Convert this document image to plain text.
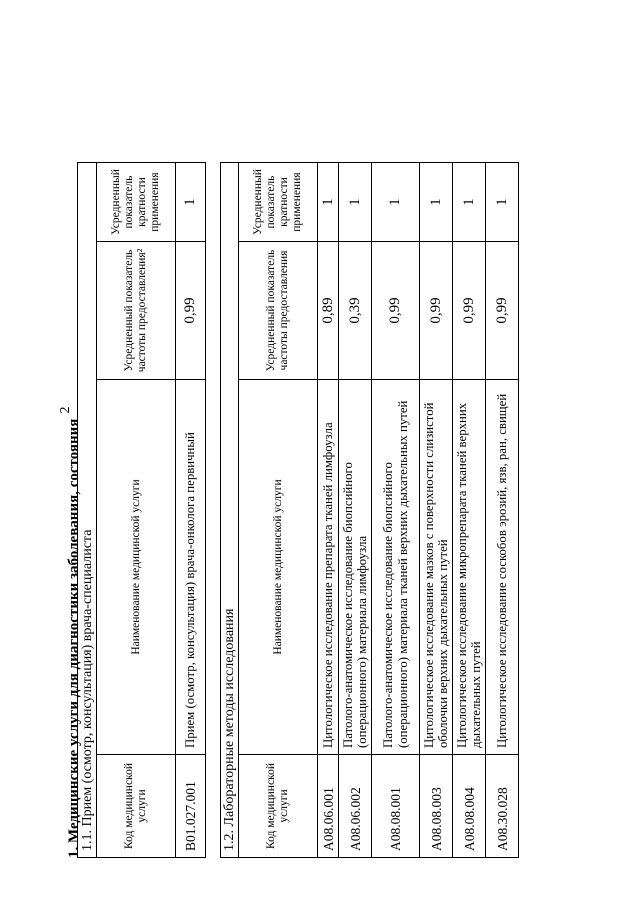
2
1. Медицинские услуги для диагностики заболевания, состояния
1.1. Прием (осмотр, консультация) врача-специалиста			
Код медицинской услуги	Наименование медицинской услуги	Усредненный показатель частоты предоставления²	Усредненный показатель кратности применения
B01.027.001	Прием (осмотр, консультация) врача-онколога первичный	0,99	1
1.2. Лабораторные методы исследования			
Код медицинской услуги	Наименование медицинской услуги	Усредненный показатель частоты предоставления	Усредненный показатель кратности применения
A08.06.001	Цитологическое исследование препарата тканей лимфоузла	0,89	1
A08.06.002	Патолого-анатомическое исследование биопсийного (операционного) материала лимфоузла	0,39	1
A08.08.001	Патолого-анатомическое исследование биопсийного (операционного) материала тканей верхних дыхательных путей	0,99	1
A08.08.003	Цитологическое исследование мазков с поверхности слизистой оболочки верхних дыхательных путей	0,99	1
A08.08.004	Цитологическое исследование микропрепарата тканей верхних дыхательных путей	0,99	1
A08.30.028	Цитологическое исследование соскобов эрозий, язв, ран, свищей	0,99	1
